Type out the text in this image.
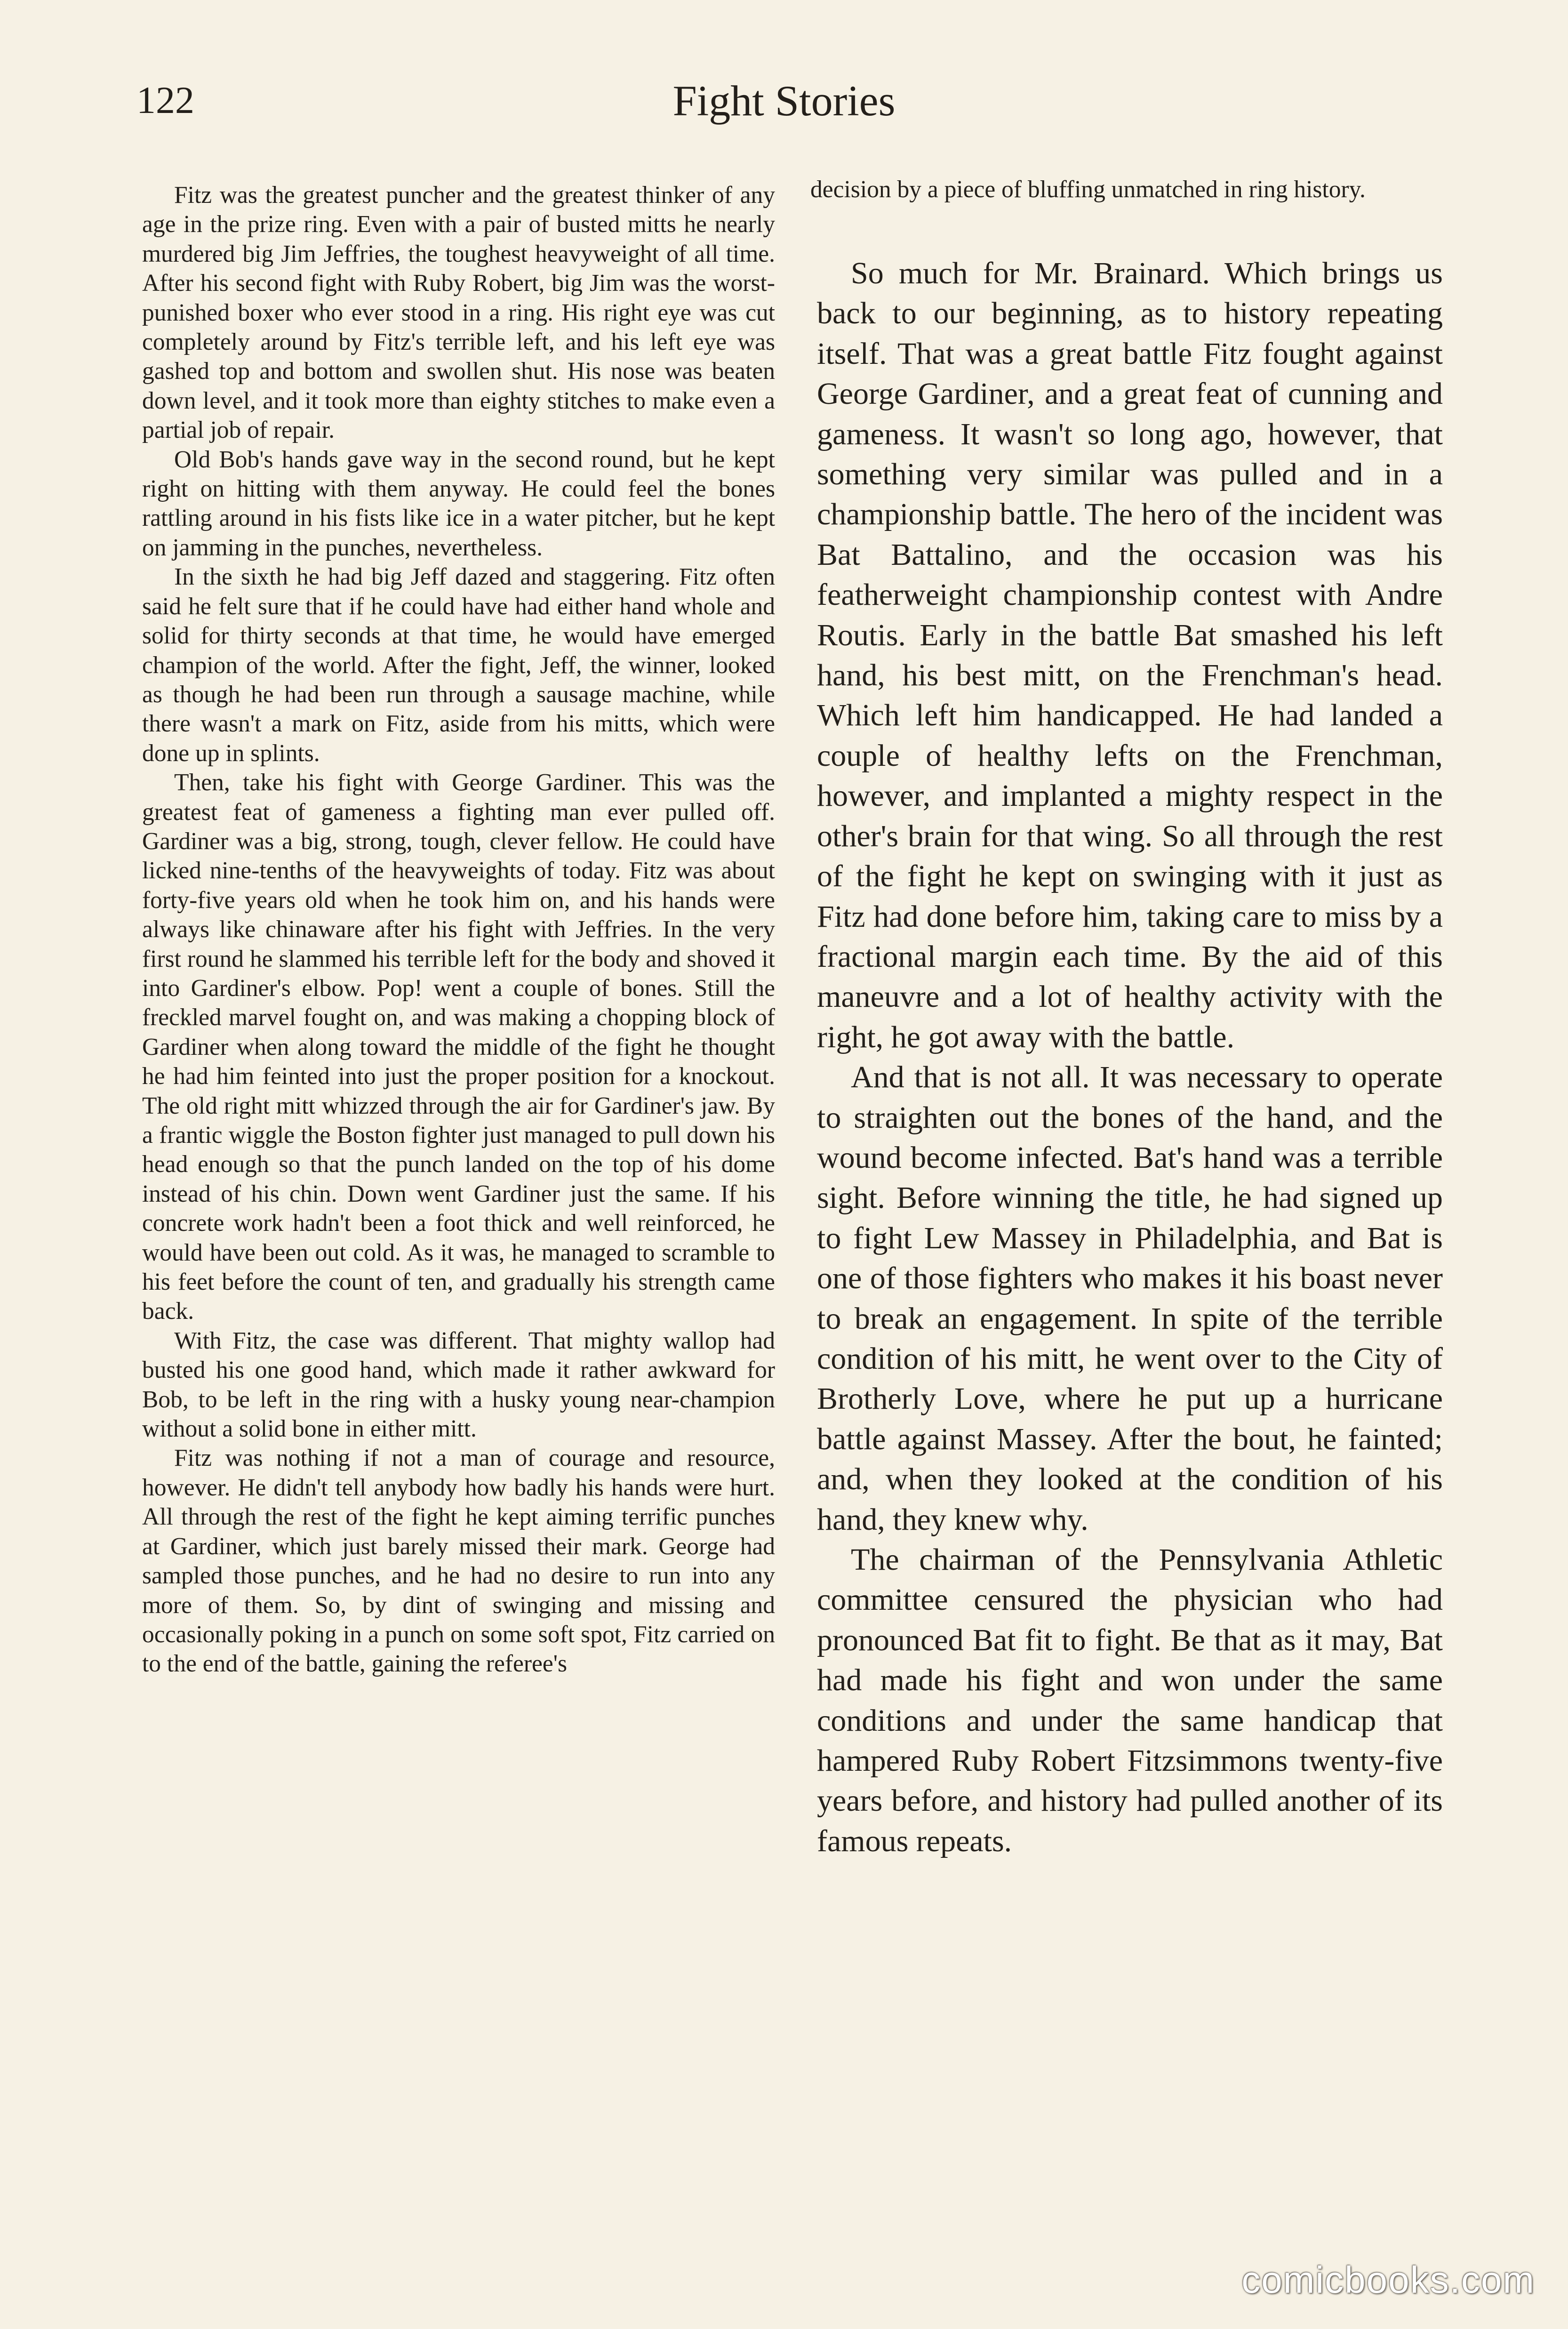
122	Fight Stories

Fitz was the greatest puncher and the greatest thinker of any age in the prize ring. Even with a pair of busted mitts he nearly murdered big Jim Jeffries, the toughest heavyweight of all time. After his second fight with Ruby Robert, big Jim was the worst-punished boxer who ever stood in a ring. His right eye was cut completely around by Fitz's terrible left, and his left eye was gashed top and bottom and swollen shut. His nose was beaten down level, and it took more than eighty stitches to make even a partial job of repair.

Old Bob's hands gave way in the second round, but he kept right on hitting with them anyway. He could feel the bones rattling around in his fists like ice in a water pitcher, but he kept on jamming in the punches, nevertheless.

In the sixth he had big Jeff dazed and staggering. Fitz often said he felt sure that if he could have had either hand whole and solid for thirty seconds at that time, he would have emerged champion of the world. After the fight, Jeff, the winner, looked as though he had been run through a sausage machine, while there wasn't a mark on Fitz, aside from his mitts, which were done up in splints.

Then, take his fight with George Gardiner. This was the greatest feat of gameness a fighting man ever pulled off. Gardiner was a big, strong, tough, clever fellow. He could have licked nine-tenths of the heavyweights of today. Fitz was about forty-five years old when he took him on, and his hands were always like chinaware after his fight with Jeffries. In the very first round he slammed his terrible left for the body and shoved it into Gardiner's elbow. Pop! went a couple of bones. Still the freckled marvel fought on, and was making a chopping block of Gardiner when along toward the middle of the fight he thought he had him feinted into just the proper position for a knockout. The old right mitt whizzed through the air for Gardiner's jaw. By a frantic wiggle the Boston fighter just managed to pull down his head enough so that the punch landed on the top of his dome instead of his chin. Down went Gardiner just the same. If his concrete work hadn't been a foot thick and well reinforced, he would have been out cold. As it was, he managed to scramble to his feet before the count of ten, and gradually his strength came back.

With Fitz, the case was different. That mighty wallop had busted his one good hand, which made it rather awkward for Bob, to be left in the ring with a husky young near-champion without a solid bone in either mitt.

Fitz was nothing if not a man of courage and resource, however. He didn't tell anybody how badly his hands were hurt. All through the rest of the fight he kept aiming terrific punches at Gardiner, which just barely missed their mark. George had sampled those punches, and he had no desire to run into any more of them. So, by dint of swinging and missing and occasionally poking in a punch on some soft spot, Fitz carried on to the end of the battle, gaining the referee's

decision by a piece of bluffing unmatched in ring history.

So much for Mr. Brainard. Which brings us back to our beginning, as to history repeating itself. That was a great battle Fitz fought against George Gardiner, and a great feat of cunning and gameness. It wasn't so long ago, however, that something very similar was pulled and in a championship battle. The hero of the incident was Bat Battalino, and the occasion was his featherweight championship contest with Andre Routis. Early in the battle Bat smashed his left hand, his best mitt, on the Frenchman's head. Which left him handicapped. He had landed a couple of healthy lefts on the Frenchman, however, and implanted a mighty respect in the other's brain for that wing. So all through the rest of the fight he kept on swinging with it just as Fitz had done before him, taking care to miss by a fractional margin each time. By the aid of this maneuvre and a lot of healthy activity with the right, he got away with the battle.

And that is not all. It was necessary to operate to straighten out the bones of the hand, and the wound become infected. Bat's hand was a terrible sight. Before winning the title, he had signed up to fight Lew Massey in Philadelphia, and Bat is one of those fighters who makes it his boast never to break an engagement. In spite of the terrible condition of his mitt, he went over to the City of Brotherly Love, where he put up a hurricane battle against Massey. After the bout, he fainted; and, when they looked at the condition of his hand, they knew why.

The chairman of the Pennsylvania Athletic committee censured the physician who had pronounced Bat fit to fight. Be that as it may, Bat had made his fight and won under the same conditions and under the same handicap that hampered Ruby Robert Fitzsimmons twenty-five years before, and history had pulled another of its famous repeats.

comicbooks.com
